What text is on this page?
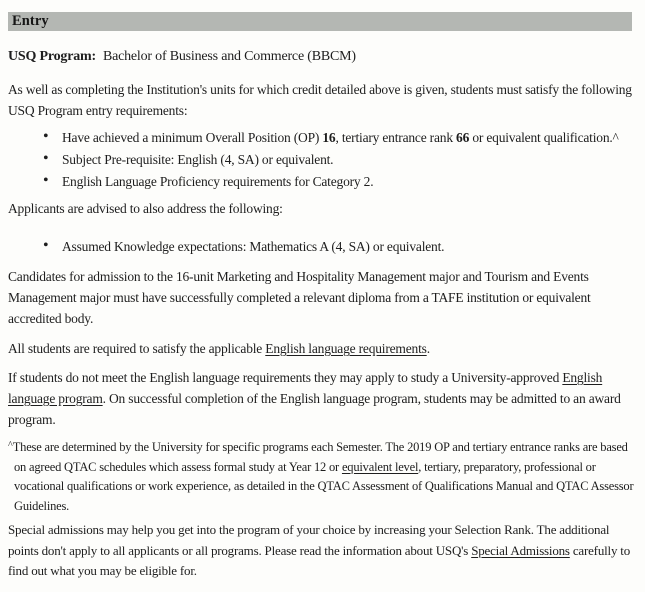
Entry

USQ Program: Bachelor of Business and Commerce (BBCM)

As well as completing the Institution's units for which credit detailed above is given, students must satisfy the following USQ Program entry requirements:

• Have achieved a minimum Overall Position (OP) 16, tertiary entrance rank 66 or equivalent qualification.^
• Subject Pre-requisite: English (4, SA) or equivalent.
• English Language Proficiency requirements for Category 2.

Applicants are advised to also address the following:

• Assumed Knowledge expectations: Mathematics A (4, SA) or equivalent.

Candidates for admission to the 16-unit Marketing and Hospitality Management major and Tourism and Events Management major must have successfully completed a relevant diploma from a TAFE institution or equivalent accredited body.

All students are required to satisfy the applicable English language requirements.

If students do not meet the English language requirements they may apply to study a University-approved English language program. On successful completion of the English language program, students may be admitted to an award program.

^These are determined by the University for specific programs each Semester. The 2019 OP and tertiary entrance ranks are based on agreed QTAC schedules which assess formal study at Year 12 or equivalent level, tertiary, preparatory, professional or vocational qualifications or work experience, as detailed in the QTAC Assessment of Qualifications Manual and QTAC Assessor Guidelines.

Special admissions may help you get into the program of your choice by increasing your Selection Rank. The additional points don't apply to all applicants or all programs. Please read the information about USQ's Special Admissions carefully to find out what you may be eligible for.
